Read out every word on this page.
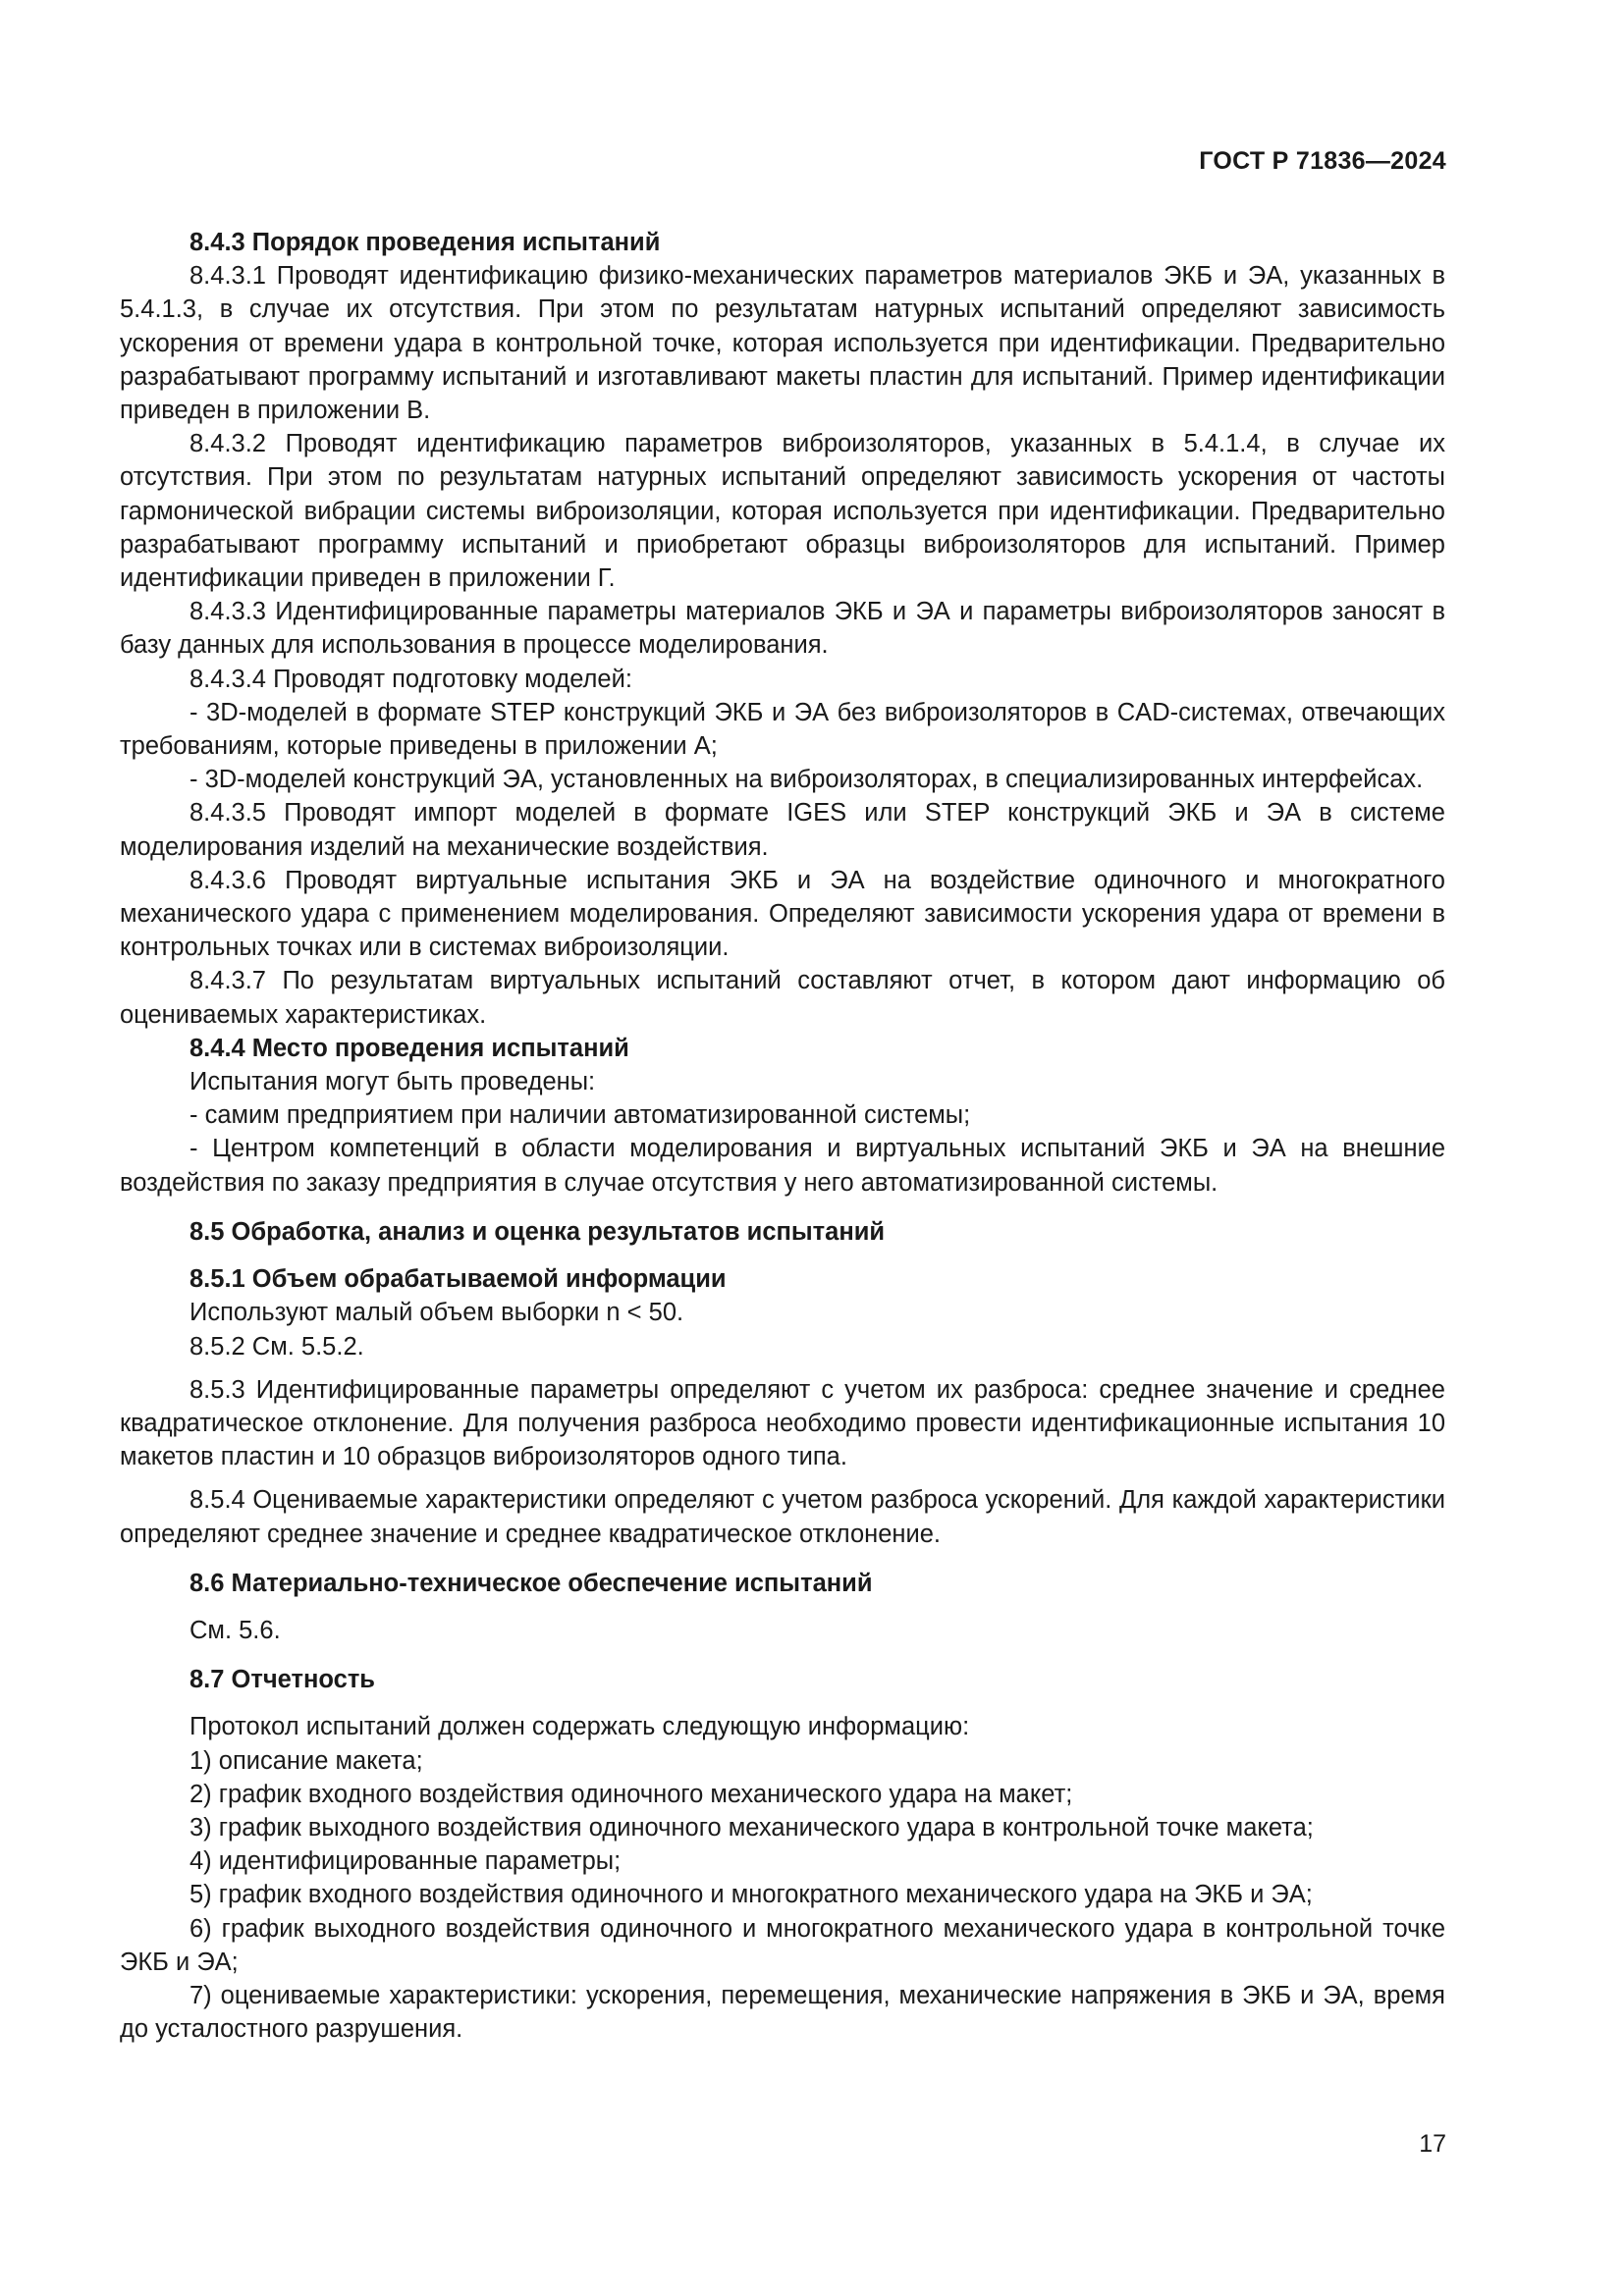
ГОСТ Р 71836—2024

8.4.3 Порядок проведения испытаний

8.4.3.1 Проводят идентификацию физико-механических параметров материалов ЭКБ и ЭА, указанных в 5.4.1.3, в случае их отсутствия. При этом по результатам натурных испытаний определяют зависимость ускорения от времени удара в контрольной точке, которая используется при идентификации. Предварительно разрабатывают программу испытаний и изготавливают макеты пластин для испытаний. Пример идентификации приведен в приложении В.

8.4.3.2 Проводят идентификацию параметров виброизоляторов, указанных в 5.4.1.4, в случае их отсутствия. При этом по результатам натурных испытаний определяют зависимость ускорения от частоты гармонической вибрации системы виброизоляции, которая используется при идентификации. Предварительно разрабатывают программу испытаний и приобретают образцы виброизоляторов для испытаний. Пример идентификации приведен в приложении Г.

8.4.3.3 Идентифицированные параметры материалов ЭКБ и ЭА и параметры виброизоляторов заносят в базу данных для использования в процессе моделирования.

8.4.3.4 Проводят подготовку моделей:

- 3D-моделей в формате STEP конструкций ЭКБ и ЭА без виброизоляторов в CAD-системах, отвечающих требованиям, которые приведены в приложении А;

- 3D-моделей конструкций ЭА, установленных на виброизоляторах, в специализированных интерфейсах.

8.4.3.5 Проводят импорт моделей в формате IGES или STEP конструкций ЭКБ и ЭА в системе моделирования изделий на механические воздействия.

8.4.3.6 Проводят виртуальные испытания ЭКБ и ЭА на воздействие одиночного и многократного механического удара с применением моделирования. Определяют зависимости ускорения удара от времени в контрольных точках или в системах виброизоляции.

8.4.3.7 По результатам виртуальных испытаний составляют отчет, в котором дают информацию об оцениваемых характеристиках.

8.4.4 Место проведения испытаний

Испытания могут быть проведены:

- самим предприятием при наличии автоматизированной системы;

- Центром компетенций в области моделирования и виртуальных испытаний ЭКБ и ЭА на внешние воздействия по заказу предприятия в случае отсутствия у него автоматизированной системы.

8.5 Обработка, анализ и оценка результатов испытаний

8.5.1 Объем обрабатываемой информации

Используют малый объем выборки n < 50.

8.5.2 См. 5.5.2.

8.5.3 Идентифицированные параметры определяют с учетом их разброса: среднее значение и среднее квадратическое отклонение. Для получения разброса необходимо провести идентификационные испытания 10 макетов пластин и 10 образцов виброизоляторов одного типа.

8.5.4 Оцениваемые характеристики определяют с учетом разброса ускорений. Для каждой характеристики определяют среднее значение и среднее квадратическое отклонение.

8.6 Материально-техническое обеспечение испытаний

См. 5.6.

8.7 Отчетность

Протокол испытаний должен содержать следующую информацию:

1) описание макета;

2) график входного воздействия одиночного механического удара на макет;

3) график выходного воздействия одиночного механического удара в контрольной точке макета;

4) идентифицированные параметры;

5) график входного воздействия одиночного и многократного механического удара на ЭКБ и ЭА;

6) график выходного воздействия одиночного и многократного механического удара в контрольной точке ЭКБ и ЭА;

7) оцениваемые характеристики: ускорения, перемещения, механические напряжения в ЭКБ и ЭА, время до усталостного разрушения.

17
